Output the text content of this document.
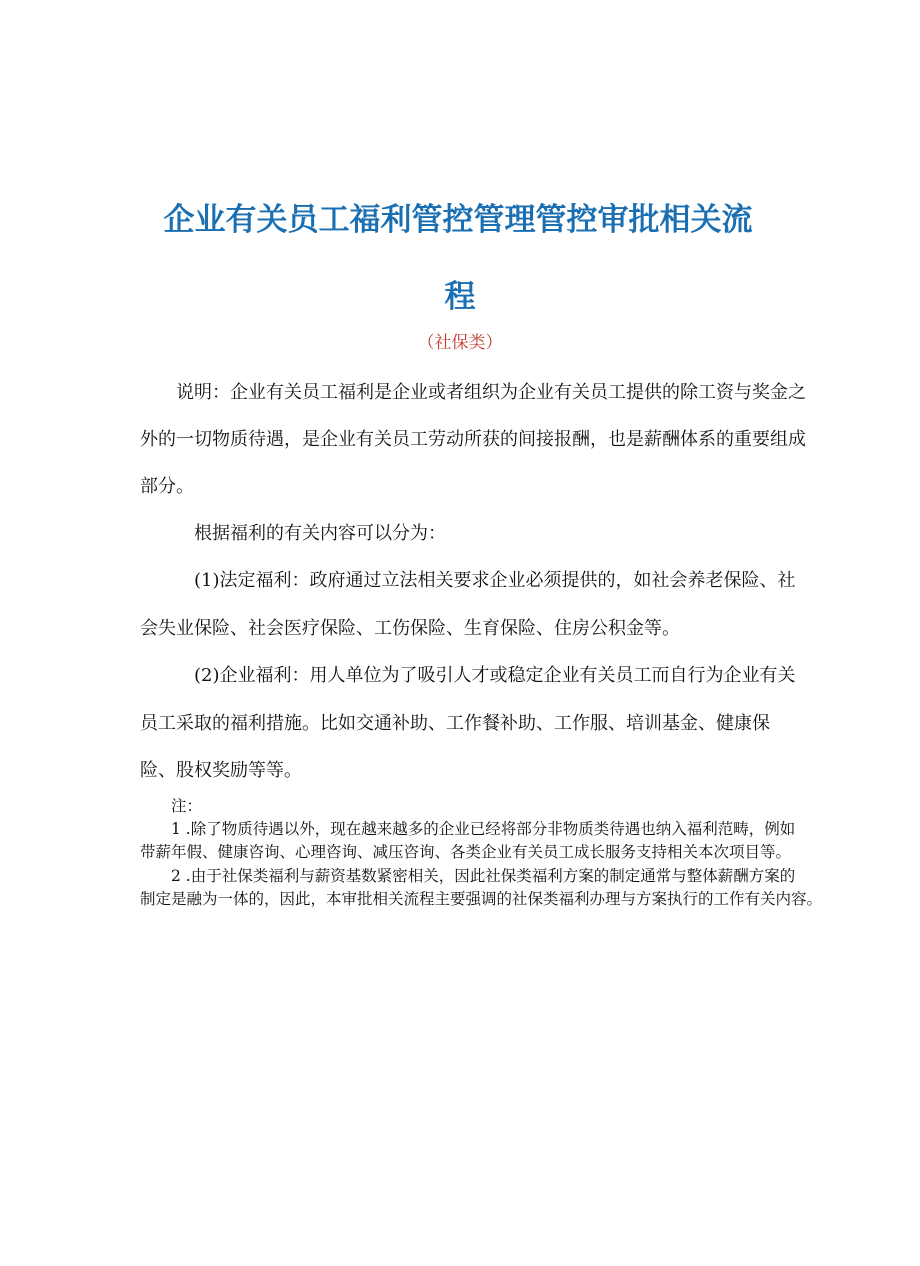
企业有关员工福利管控管理管控审批相关流
程
（社保类）
　　说明：企业有关员工福利是企业或者组织为企业有关员工提供的除工资与奖金之
外的一切物质待遇，是企业有关员工劳动所获的间接报酬，也是薪酬体系的重要组成
部分。
　　　根据福利的有关内容可以分为：
　　　(1)法定福利：政府通过立法相关要求企业必须提供的，如社会养老保险、社
会失业保险、社会医疗保险、工伤保险、生育保险、住房公积金等。
　　　(2)企业福利：用人单位为了吸引人才或稳定企业有关员工而自行为企业有关
员工采取的福利措施。比如交通补助、工作餐补助、工作服、培训基金、健康保
险、股权奖励等等。
　　注：
　　1 .除了物质待遇以外，现在越来越多的企业已经将部分非物质类待遇也纳入福利范畴，例如
带薪年假、健康咨询、心理咨询、减压咨询、各类企业有关员工成长服务支持相关本次项目等。
　　2 .由于社保类福利与薪资基数紧密相关，因此社保类福利方案的制定通常与整体薪酬方案的
制定是融为一体的，因此，本审批相关流程主要强调的社保类福利办理与方案执行的工作有关内容。
